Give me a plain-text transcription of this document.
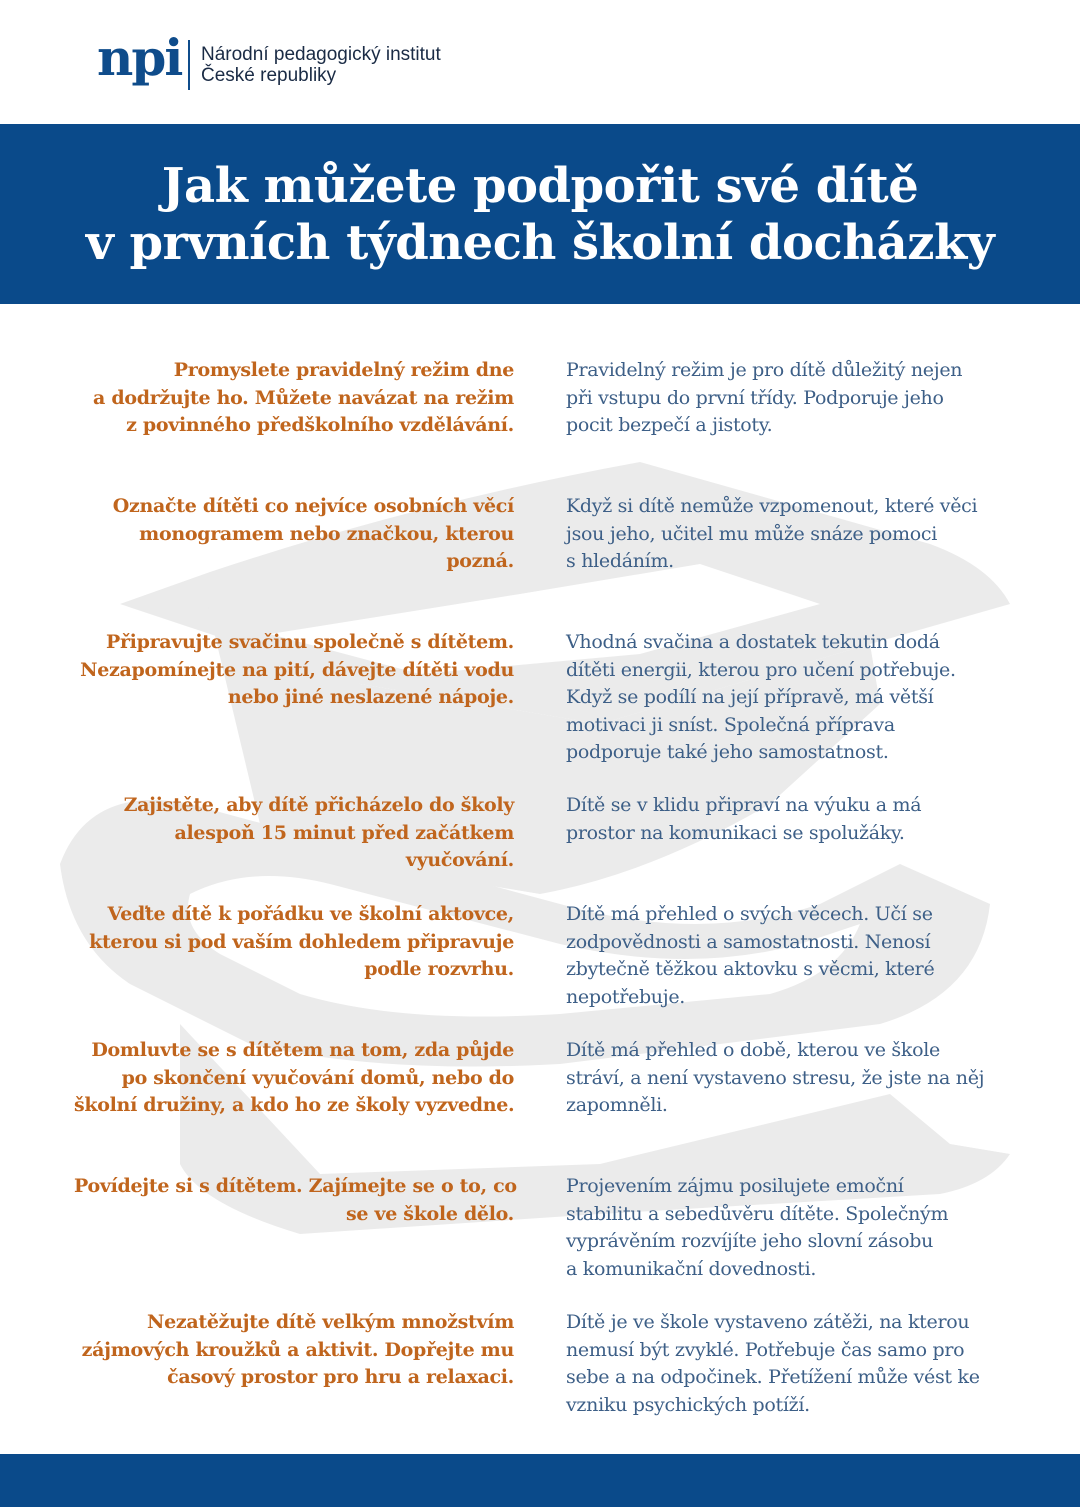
npi Národní pedagogický institut
České republiky
Jak můžete podpořit své dítě
v prvních týdnech školní docházky
Promyslete pravidelný režim dne
a dodržujte ho. Můžete navázat na režim
z povinného předškolního vzdělávání.
Pravidelný režim je pro dítě důležitý nejen
při vstupu do první třídy. Podporuje jeho
pocit bezpečí a jistoty.
Označte dítěti co nejvíce osobních věcí
monogramem nebo značkou, kterou
pozná.
Když si dítě nemůže vzpomenout, které věci
jsou jeho, učitel mu může snáze pomoci
s hledáním.
Připravujte svačinu společně s dítětem.
Nezapomínejte na pití, dávejte dítěti vodu
nebo jiné neslazené nápoje.
Vhodná svačina a dostatek tekutin dodá
dítěti energii, kterou pro učení potřebuje.
Když se podílí na její přípravě, má větší
motivaci ji sníst. Společná příprava
podporuje také jeho samostatnost.
Zajistěte, aby dítě přicházelo do školy
alespoň 15 minut před začátkem
vyučování.
Dítě se v klidu připraví na výuku a má
prostor na komunikaci se spolužáky.
Veďte dítě k pořádku ve školní aktovce,
kterou si pod vaším dohledem připravuje
podle rozvrhu.
Dítě má přehled o svých věcech. Učí se
zodpovědnosti a samostatnosti. Nenosí
zbytečně těžkou aktovku s věcmi, které
nepotřebuje.
Domluvte se s dítětem na tom, zda půjde
po skončení vyučování domů, nebo do
školní družiny, a kdo ho ze školy vyzvedne.
Dítě má přehled o době, kterou ve škole
stráví, a není vystaveno stresu, že jste na něj
zapomněli.
Povídejte si s dítětem. Zajímejte se o to, co
se ve škole dělo.
Projevením zájmu posilujete emoční
stabilitu a sebedůvěru dítěte. Společným
vyprávěním rozvíjíte jeho slovní zásobu
a komunikační dovednosti.
Nezatěžujte dítě velkým množstvím
zájmových kroužků a aktivit. Dopřejte mu
časový prostor pro hru a relaxaci.
Dítě je ve škole vystaveno zátěži, na kterou
nemusí být zvyklé. Potřebuje čas samo pro
sebe a na odpočinek. Přetížení může vést ke
vzniku psychických potíží.
